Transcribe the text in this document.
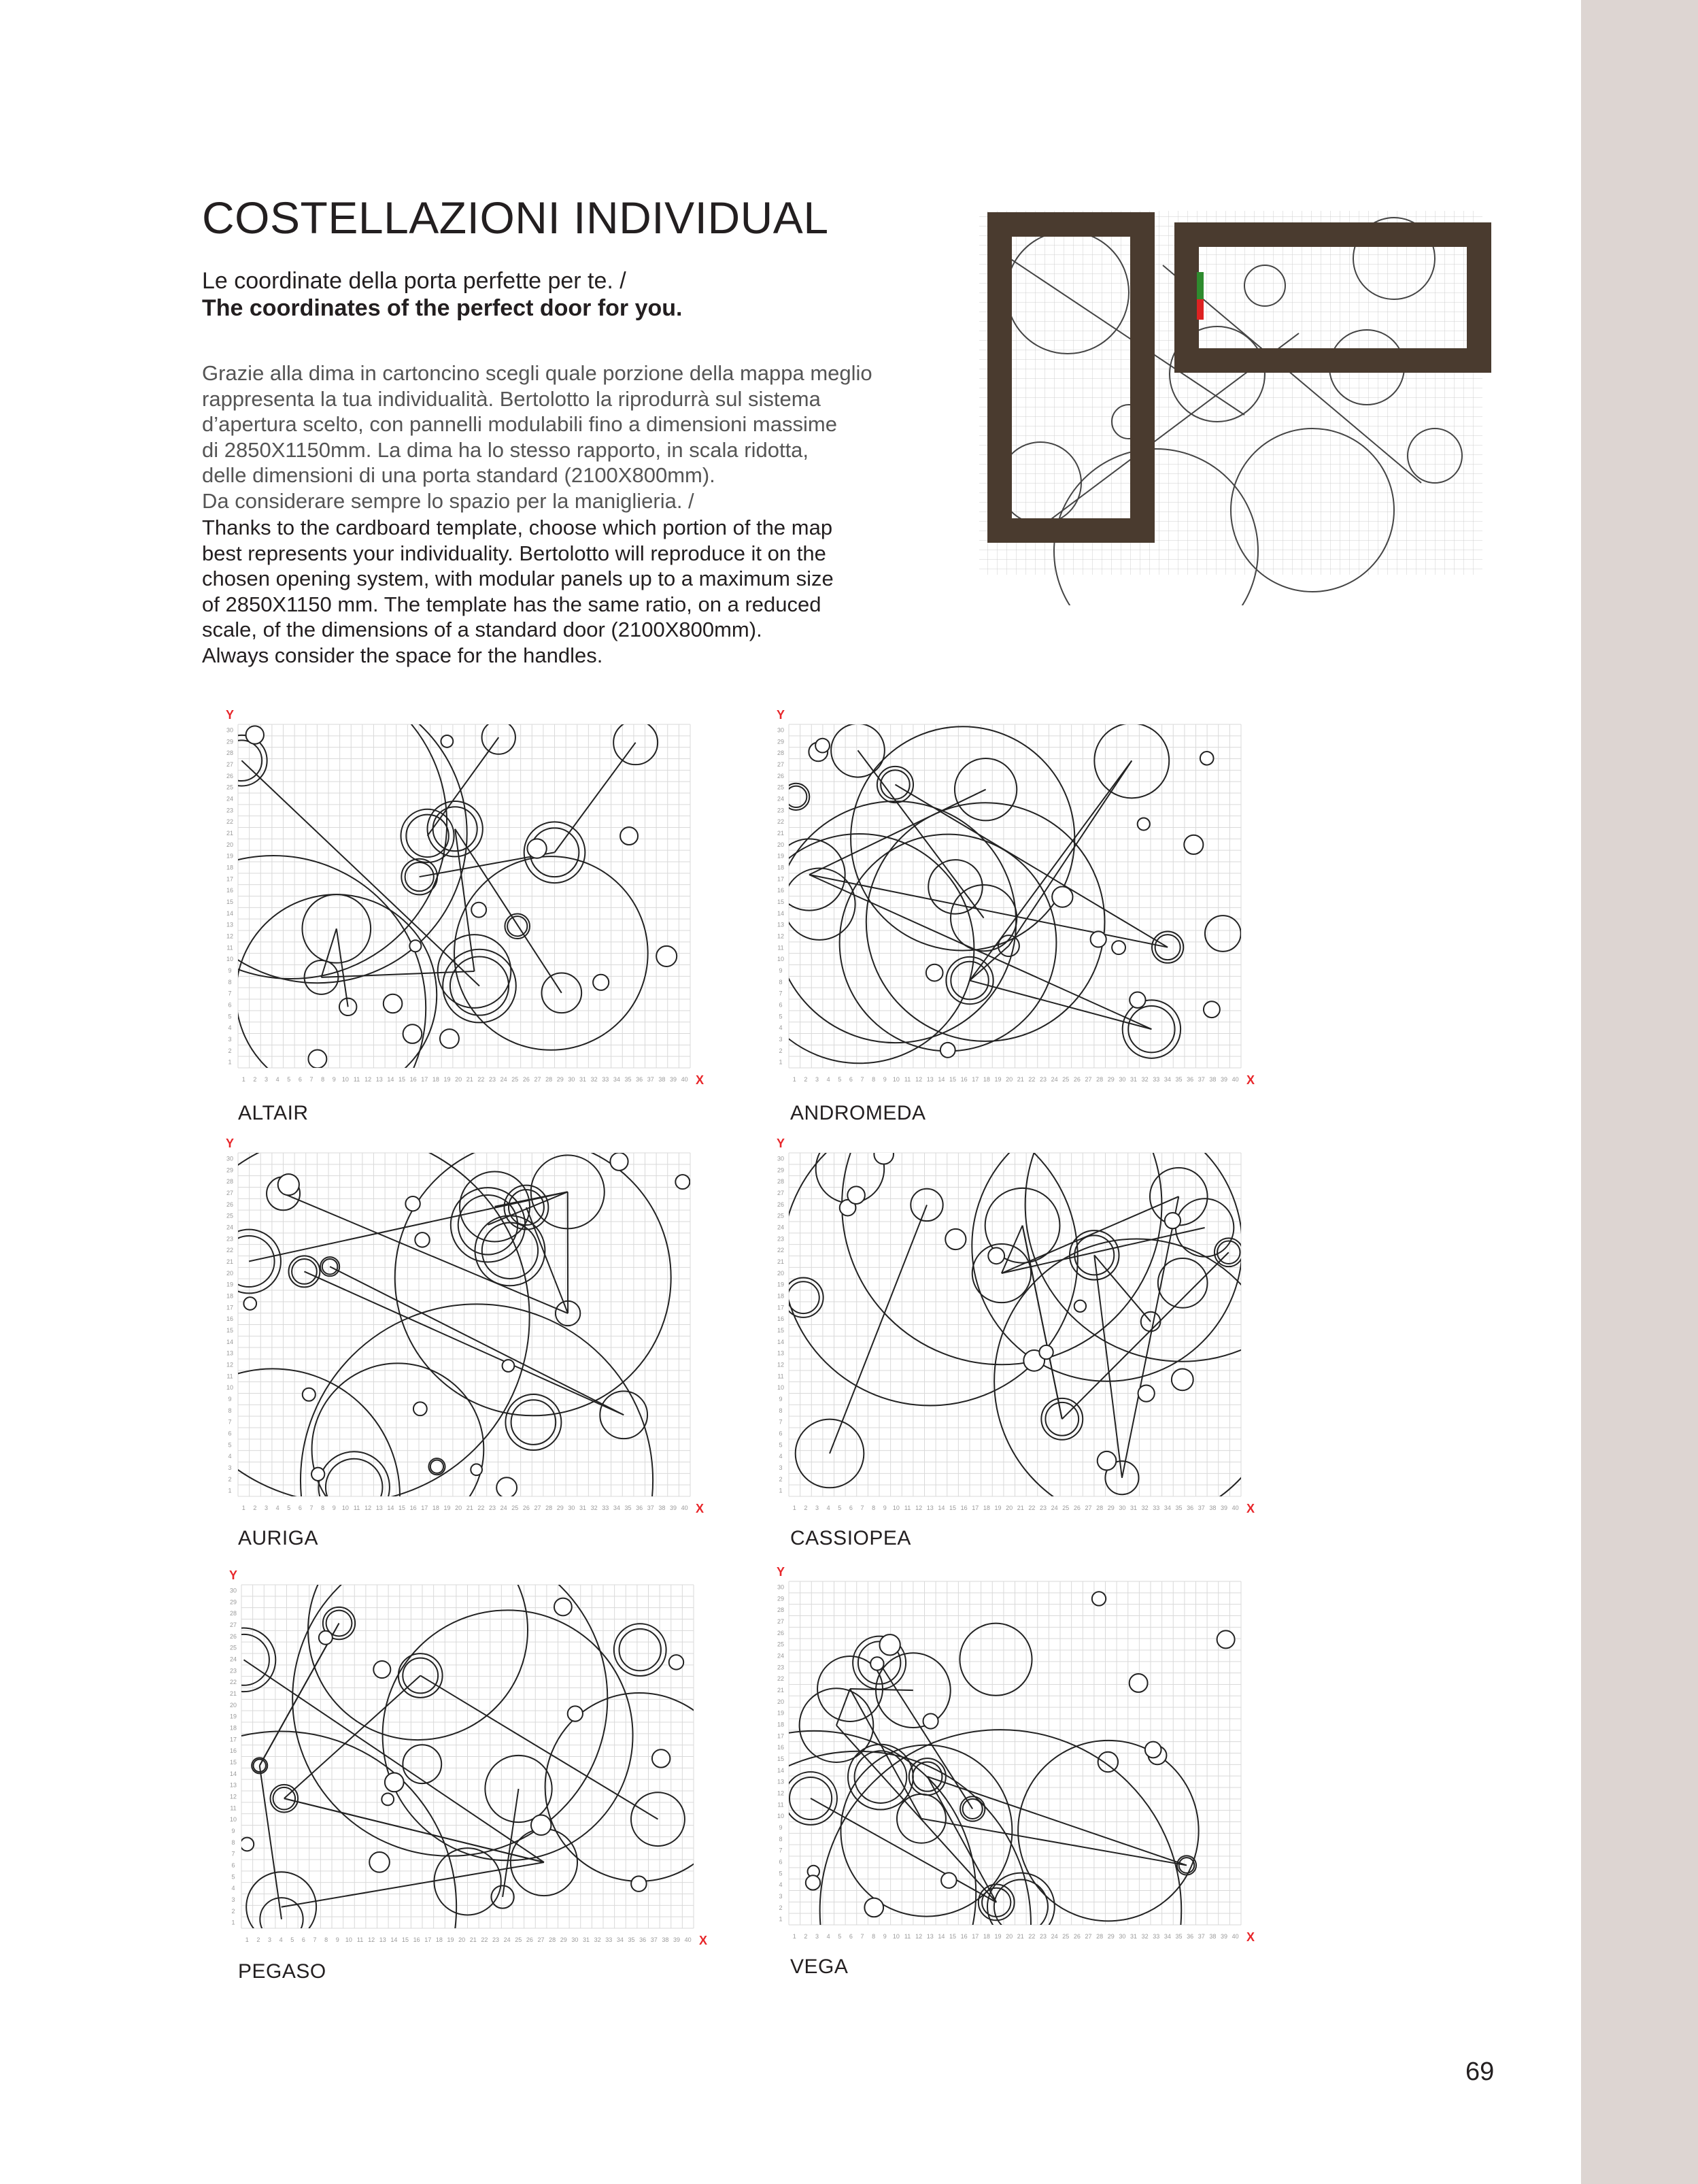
COSTELLAZIONI INDIVIDUAL
Le coordinate della porta perfette per te. /
The coordinates of the perfect door for you.
Grazie alla dima in cartoncino scegli quale porzione della mappa meglio
rappresenta la tua individualità. Bertolotto la riprodurrà sul sistema
d’apertura scelto, con pannelli modulabili fino a dimensioni massime
di 2850X1150mm. La dima ha lo stesso rapporto, in scala ridotta,
delle dimensioni di una porta standard (2100X800mm).
Da considerare sempre lo spazio per la maniglieria. /
Thanks to the cardboard template, choose which portion of the map
best represents your individuality. Bertolotto will reproduce it on the
chosen opening system, with modular panels up to a maximum size
of 2850X1150 mm. The template has the same ratio, on a reduced
scale, of the dimensions of a standard door (2100X800mm).
Always consider the space for the handles.
1 2 3 4 5 6 7 8 9 10 11 12 13 14 15 16 17 18 19 20 21 22 23 24 25 26 27 28 29 30 31 32 33 34 35 36 37 38 39 40
1
2
3
4
5
6
7
8
9
10
11
12
13
14
15
16
17
18
19
20
21
22
23
24
25
26
27
28
29
30
Y
X
ALTAIR
1 2 3 4 5 6 7 8 9 10 11 12 13 14 15 16 17 18 19 20 21 22 23 24 25 26 27 28 29 30 31 32 33 34 35 36 37 38 39 40
1
2
3
4
5
6
7
8
9
10
11
12
13
14
15
16
17
18
19
20
21
22
23
24
25
26
27
28
29
30
Y
X
ANDROMEDA
1 2 3 4 5 6 7 8 9 10 11 12 13 14 15 16 17 18 19 20 21 22 23 24 25 26 27 28 29 30 31 32 33 34 35 36 37 38 39 40
1
2
3
4
5
6
7
8
9
10
11
12
13
14
15
16
17
18
19
20
21
22
23
24
25
26
27
28
29
30
Y
X
AURIGA
1 2 3 4 5 6 7 8 9 10 11 12 13 14 15 16 17 18 19 20 21 22 23 24 25 26 27 28 29 30 31 32 33 34 35 36 37 38 39 40
1
2
3
4
5
6
7
8
9
10
11
12
13
14
15
16
17
18
19
20
21
22
23
24
25
26
27
28
29
30
Y
X
CASSIOPEA
1 2 3 4 5 6 7 8 9 10 11 12 13 14 15 16 17 18 19 20 21 22 23 24 25 26 27 28 29 30 31 32 33 34 35 36 37 38 39 40
1
2
3
4
5
6
7
8
9
10
11
12
13
14
15
16
17
18
19
20
21
22
23
24
25
26
27
28
29
30
Y
X
PEGASO
1 2 3 4 5 6 7 8 9 10 11 12 13 14 15 16 17 18 19 20 21 22 23 24 25 26 27 28 29 30 31 32 33 34 35 36 37 38 39 40
1
2
3
4
5
6
7
8
9
10
11
12
13
14
15
16
17
18
19
20
21
22
23
24
25
26
27
28
29
30
Y
X
VEGA
69
